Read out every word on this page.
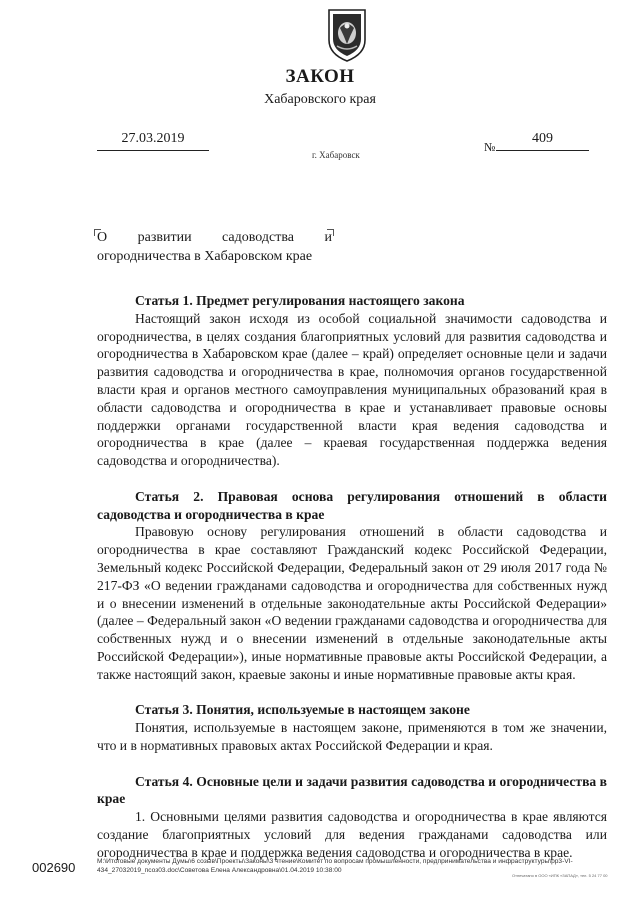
ЗАКОН
Хабаровского края
27.03.2019
г. Хабаровск
№
409
О развитии садоводства и
огородничества в Хабаровском крае
Статья 1. Предмет регулирования настоящего закона

Настоящий закон исходя из особой социальной значимости садоводства и огородничества, в целях создания благоприятных условий для развития садоводства и огородничества в Хабаровском крае (далее – край) определяет основные цели и задачи развития садоводства и огородничества в крае, полномочия органов государственной власти края и органов местного самоуправления муниципальных образований края в области садоводства и огородничества в крае и устанавливает правовые основы поддержки органами государственной власти края ведения садоводства и огородничества в крае (далее – краевая государственная поддержка ведения садоводства и огородничества).

Статья 2. Правовая основа регулирования отношений в области садоводства и огородничества в крае

Правовую основу регулирования отношений в области садоводства и огородничества в крае составляют Гражданский кодекс Российской Федерации, Земельный кодекс Российской Федерации, Федеральный закон от 29 июля 2017 года № 217-ФЗ «О ведении гражданами садоводства и огородничества для собственных нужд и о внесении изменений в отдельные законодательные акты Российской Федерации» (далее – Федеральный закон «О ведении гражданами садоводства и огородничества для собственных нужд и о внесении изменений в отдельные законодательные акты Российской Федерации»), иные нормативные правовые акты Российской Федерации, а также настоящий закон, краевые законы и иные нормативные правовые акты края.

Статья 3. Понятия, используемые в настоящем законе

Понятия, используемые в настоящем законе, применяются в том же значении, что и в нормативных правовых актах Российской Федерации и края.

Статья 4. Основные цели и задачи развития садоводства и огородничества в крае

1. Основными целями развития садоводства и огородничества в крае являются создание благоприятных условий для ведения гражданами садоводства или огородничества в крае и поддержка ведения садоводства и огородничества в крае.

002690	M:\Итоговые документы Думы\6 созыв\Проекты\Законы\3 чтение\Комитет по вопросам промышленности, предпринимательства и инфраструктуры\рр3-VI-434_27032019_псоз03.doc\Советова Елена Александровна\01.04.2019 10:38:00
Отпечатано в ООО «ИПК «ЗАПАД», тел. 5 24 77 00
